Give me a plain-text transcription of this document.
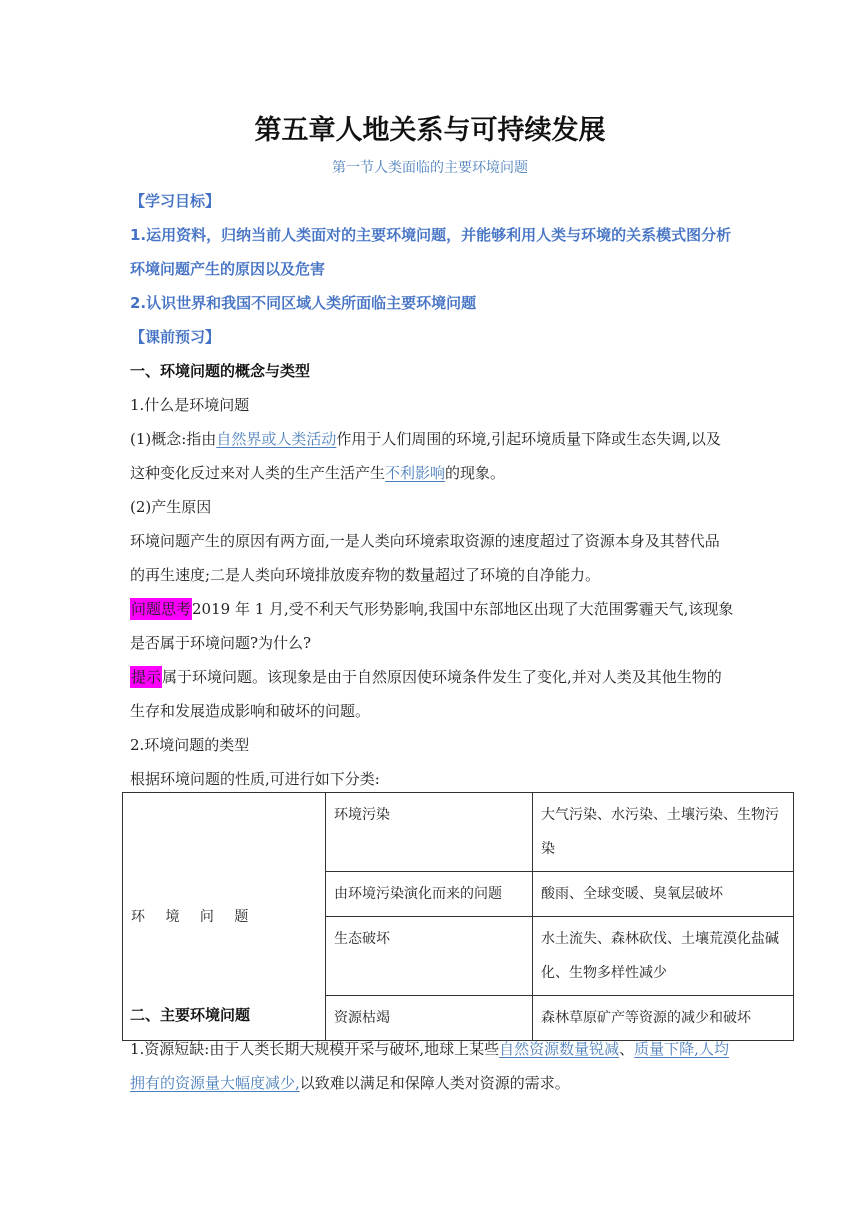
第五章人地关系与可持续发展
第一节人类面临的主要环境问题
【学习目标】
1.运用资料，归纳当前人类面对的主要环境问题，并能够利用人类与环境的关系模式图分析
环境问题产生的原因以及危害
2.认识世界和我国不同区域人类所面临主要环境问题
【课前预习】
一、环境问题的概念与类型
1.什么是环境问题
(1)概念:指由自然界或人类活动作用于人们周围的环境,引起环境质量下降或生态失调,以及
这种变化反过来对人类的生产生活产生不利影响的现象。
(2)产生原因
环境问题产生的原因有两方面,一是人类向环境索取资源的速度超过了资源本身及其替代品
的再生速度;二是人类向环境排放废弃物的数量超过了环境的自净能力。
问题思考2019 年 1 月,受不利天气形势影响,我国中东部地区出现了大范围雾霾天气,该现象
是否属于环境问题?为什么?
提示属于环境问题。该现象是由于自然原因使环境条件发生了变化,并对人类及其他生物的
生存和发展造成影响和破坏的问题。
2.环境问题的类型
根据环境问题的性质,可进行如下分类:
环 境 问 题	环境污染	大气污染、水污染、土壤污染、生物污染
	由环境污染演化而来的问题	酸雨、全球变暖、臭氧层破坏
	生态破坏	水土流失、森林砍伐、土壤荒漠化盐碱化、生物多样性减少
	资源枯竭	森林草原矿产等资源的减少和破坏
二、主要环境问题
1.资源短缺:由于人类长期大规模开采与破坏,地球上某些自然资源数量锐减、质量下降,人均
拥有的资源量大幅度减少,以致难以满足和保障人类对资源的需求。
